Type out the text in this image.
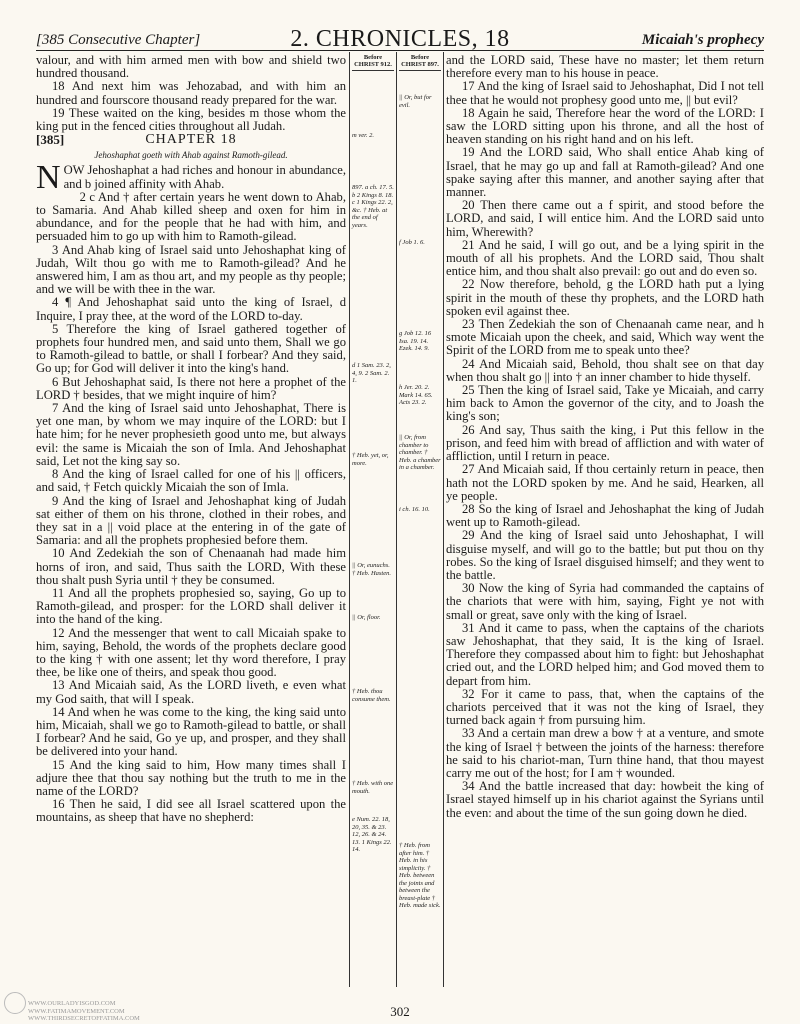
[385 Consecutive Chapter]	2. CHRONICLES, 18	Micaiah's prophecy

valour, and with him armed men with bow and shield two hundred thousand.

18 And next him was Jehozabad, and with him an hundred and fourscore thousand ready prepared for the war.

19 These waited on the king, besides m those whom the king put in the fenced cities throughout all Judah.

[385]	CHAPTER 18

Jehoshaphat goeth with Ahab against Ramoth-gilead.

NOW Jehoshaphat a had riches and honour in abundance, and b joined affinity with Ahab.

2 c And † after certain years he went down to Ahab, to Samaria. And Ahab killed sheep and oxen for him in abundance, and for the people that he had with him, and persuaded him to go up with him to Ramoth-gilead.

3 And Ahab king of Israel said unto Jehoshaphat king of Judah, Wilt thou go with me to Ramoth-gilead? And he answered him, I am as thou art, and my people as thy people; and we will be with thee in the war.

4 ¶ And Jehoshaphat said unto the king of Israel, d Inquire, I pray thee, at the word of the LORD to-day.

5 Therefore the king of Israel gathered together of prophets four hundred men, and said unto them, Shall we go to Ramoth-gilead to battle, or shall I forbear? And they said, Go up; for God will deliver it into the king's hand.

6 But Jehoshaphat said, Is there not here a prophet of the LORD † besides, that we might inquire of him?

7 And the king of Israel said unto Jehoshaphat, There is yet one man, by whom we may inquire of the LORD: but I hate him; for he never prophesieth good unto me, but always evil: the same is Micaiah the son of Imla. And Jehoshaphat said, Let not the king say so.

8 And the king of Israel called for one of his || officers, and said, † Fetch quickly Micaiah the son of Imla.

9 And the king of Israel and Jehoshaphat king of Judah sat either of them on his throne, clothed in their robes, and they sat in a || void place at the entering in of the gate of Samaria: and all the prophets prophesied before them.

10 And Zedekiah the son of Chenaanah had made him horns of iron, and said, Thus saith the LORD, With these thou shalt push Syria until † they be consumed.

11 And all the prophets prophesied so, saying, Go up to Ramoth-gilead, and prosper: for the LORD shall deliver it into the hand of the king.

12 And the messenger that went to call Micaiah spake to him, saying, Behold, the words of the prophets declare good to the king † with one assent; let thy word therefore, I pray thee, be like one of theirs, and speak thou good.

13 And Micaiah said, As the LORD liveth, e even what my God saith, that will I speak.

14 And when he was come to the king, the king said unto him, Micaiah, shall we go to Ramoth-gilead to battle, or shall I forbear? And he said, Go ye up, and prosper, and they shall be delivered into your hand.

15 And the king said to him, How many times shall I adjure thee that thou say nothing but the truth to me in the name of the LORD?

16 Then he said, I did see all Israel scattered upon the mountains, as sheep that have no shepherd:

Before CHRIST 912.
m ver. 2.
897. a ch. 17. 5. b 2 Kings 8. 18. c 1 Kings 22. 2, &c. † Heb. at the end of years.
d 1 Sam. 23. 2, 4, 9. 2 Sam. 2. 1.
† Heb. yet, or, more.
|| Or, eunuchs. † Heb. Hasten.
|| Or, floor.
† Heb. thou consume them.
† Heb. with one mouth.
e Num. 22. 18, 20, 35. & 23. 12, 26. & 24. 13. 1 Kings 22. 14.
Before CHRIST 897.
|| Or, but for evil.
f Job 1. 6.
g Job 12. 16 Isa. 19. 14. Ezek. 14. 9.
h Jer. 20. 2. Mark 14. 65. Acts 23. 2.
|| Or, from chamber to chamber. † Heb. a chamber in a chamber.
i ch. 16. 10.
† Heb. from after him. † Heb. in his simplicity. † Heb. between the joints and between the breast-plate † Heb. made sick.

and the LORD said, These have no master; let them return therefore every man to his house in peace.

17 And the king of Israel said to Jehoshaphat, Did I not tell thee that he would not prophesy good unto me, || but evil?

18 Again he said, Therefore hear the word of the LORD: I saw the LORD sitting upon his throne, and all the host of heaven standing on his right hand and on his left.

19 And the LORD said, Who shall entice Ahab king of Israel, that he may go up and fall at Ramoth-gilead? And one spake saying after this manner, and another saying after that manner.

20 Then there came out a f spirit, and stood before the LORD, and said, I will entice him. And the LORD said unto him, Wherewith?

21 And he said, I will go out, and be a lying spirit in the mouth of all his prophets. And the LORD said, Thou shalt entice him, and thou shalt also prevail: go out and do even so.

22 Now therefore, behold, g the LORD hath put a lying spirit in the mouth of these thy prophets, and the LORD hath spoken evil against thee.

23 Then Zedekiah the son of Chenaanah came near, and h smote Micaiah upon the cheek, and said, Which way went the Spirit of the LORD from me to speak unto thee?

24 And Micaiah said, Behold, thou shalt see on that day when thou shalt go || into † an inner chamber to hide thyself.

25 Then the king of Israel said, Take ye Micaiah, and carry him back to Amon the governor of the city, and to Joash the king's son;

26 And say, Thus saith the king, i Put this fellow in the prison, and feed him with bread of affliction and with water of affliction, until I return in peace.

27 And Micaiah said, If thou certainly return in peace, then hath not the LORD spoken by me. And he said, Hearken, all ye people.

28 So the king of Israel and Jehoshaphat the king of Judah went up to Ramoth-gilead.

29 And the king of Israel said unto Jehoshaphat, I will disguise myself, and will go to the battle; but put thou on thy robes. So the king of Israel disguised himself; and they went to the battle.

30 Now the king of Syria had commanded the captains of the chariots that were with him, saying, Fight ye not with small or great, save only with the king of Israel.

31 And it came to pass, when the captains of the chariots saw Jehoshaphat, that they said, It is the king of Israel. Therefore they compassed about him to fight: but Jehoshaphat cried out, and the LORD helped him; and God moved them to depart from him.

32 For it came to pass, that, when the captains of the chariots perceived that it was not the king of Israel, they turned back again † from pursuing him.

33 And a certain man drew a bow † at a venture, and smote the king of Israel † between the joints of the harness: therefore he said to his chariot-man, Turn thine hand, that thou mayest carry me out of the host; for I am † wounded.

34 And the battle increased that day: howbeit the king of Israel stayed himself up in his chariot against the Syrians until the even: and about the time of the sun going down he died.

WWW.OURLADYISGOD.COM
WWW.FATIMAMOVEMENT.COM
WWW.THIRDSECRETOFFATIMA.COM	302
